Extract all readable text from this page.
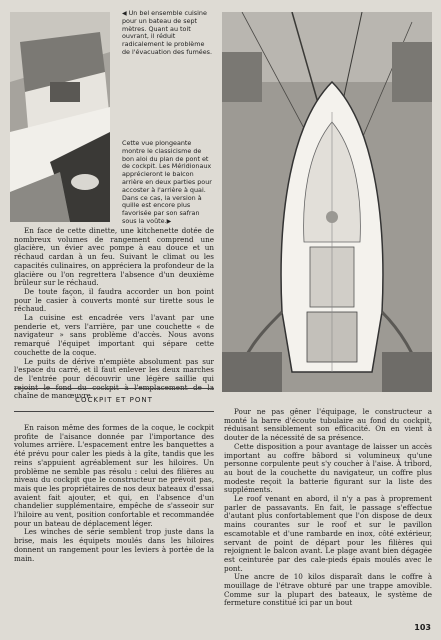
◀ Un bel ensemble cuisine pour un bateau de sept mètres. Quant au toit ouvrant, il réduit radicalement le problème de l'évacuation des fumées.

Cette vue plongeante montre le classicisme de bon aloi du plan de pont et de cockpit. Les Méridionaux apprécieront le balcon arrière en deux parties pour accoster à l'arrière à quai. Dans ce cas, la version à quille est encore plus favorisée par son safran sous la voûte.▶

En face de cette dinette, une kitchenette dotée de nombreux volumes de rangement comprend une glacière, un évier avec pompe à eau douce et un réchaud cardan à un feu. Suivant le climat ou les capacités culinaires, on appréciera la profondeur de la glacière ou l'on regrettera l'absence d'un deuxième brûleur sur le réchaud.

De toute façon, il faudra accorder un bon point pour le casier à couverts monté sur tirette sous le réchaud.

La cuisine est encadrée vers l'avant par une penderie et, vers l'arrière, par une couchette « de navigateur » sans problème d'accès. Nous avons remarqué l'équipet important qui sépare cette couchette de la coque.

Le puits de dérive n'empiète absolument pas sur l'espace du carré, et il faut enlever les deux marches de l'entrée pour découvrir une légère saillie qui rejoint le fond du cockpit à l'emplacement de la chaîne de manœuvre.

COCKPIT ET PONT

En raison même des formes de la coque, le cockpit profite de l'aisance donnée par l'importance des volumes arrière. L'espacement entre les banquettes a été prévu pour caler les pieds à la gîte, tandis que les reins s'appuient agréablement sur les hiloires. Un problème ne semble pas résolu : celui des filières au niveau du cockpit que le constructeur ne prévoit pas, mais que les propriétaires de nos deux bateaux d'essai avaient fait ajouter, et qui, en l'absence d'un chandelier supplémentaire, empêche de s'asseoir sur l'hiloire au vent, position confortable et recommandée pour un bateau de déplacement léger.

Les winches de série semblent trop juste dans la brise, mais les équipets moulés dans les hiloires donnent un rangement pour les leviers à portée de la main.

Pour ne pas gêner l'équipage, le constructeur a monté la barre d'écoute tubulaire au fond du cockpit, réduisant sensiblement son efficacité. On en vient à douter de la nécessité de sa présence.

Cette disposition a pour avantage de laisser un accès important au coffre bâbord si volumineux qu'une personne corpulente peut s'y coucher à l'aise. À tribord, au bout de la couchette du navigateur, un coffre plus modeste reçoit la batterie figurant sur la liste des suppléments.

Le roof venant en abord, il n'y a pas à proprement parler de passavants. En fait, le passage s'effectue d'autant plus confortablement que l'on dispose de deux mains courantes sur le roof et sur le pavillon escamotable et d'une rambarde en inox, côté extérieur, servant de point de départ pour les filières qui rejoignent le balcon avant. Le plage avant bien dégagée est ceinturée par des cale-pieds épais moulés avec le pont.

Une ancre de 10 kilos disparaît dans le coffre à mouillage de l'étrave obturé par une trappe amovible. Comme sur la plupart des bateaux, le système de fermeture constitué ici par un bout

103
